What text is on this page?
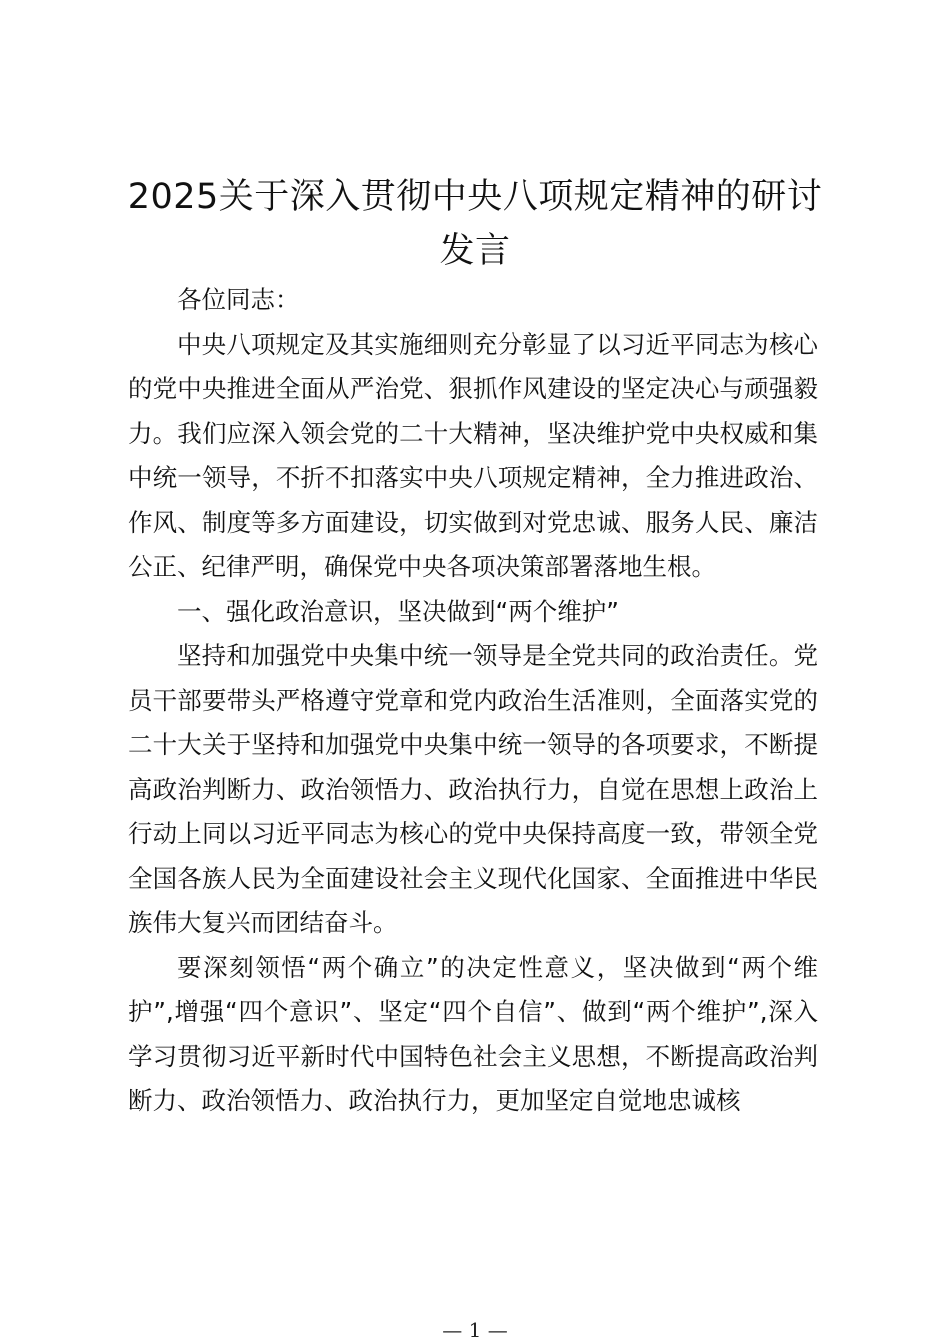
2025关于深入贯彻中央八项规定精神的研讨发言

各位同志：

中央八项规定及其实施细则充分彰显了以习近平同志为核心的党中央推进全面从严治党、狠抓作风建设的坚定决心与顽强毅力。我们应深入领会党的二十大精神，坚决维护党中央权威和集中统一领导，不折不扣落实中央八项规定精神，全力推进政治、作风、制度等多方面建设，切实做到对党忠诚、服务人民、廉洁公正、纪律严明，确保党中央各项决策部署落地生根。

一、强化政治意识，坚决做到“两个维护”

坚持和加强党中央集中统一领导是全党共同的政治责任。党员干部要带头严格遵守党章和党内政治生活准则，全面落实党的二十大关于坚持和加强党中央集中统一领导的各项要求，不断提高政治判断力、政治领悟力、政治执行力，自觉在思想上政治上行动上同以习近平同志为核心的党中央保持高度一致，带领全党全国各族人民为全面建设社会主义现代化国家、全面推进中华民族伟大复兴而团结奋斗。

要深刻领悟“两个确立”的决定性意义，坚决做到“两个维护”,增强“四个意识”、坚定“四个自信”、做到“两个维护”,深入学习贯彻习近平新时代中国特色社会主义思想，不断提高政治判断力、政治领悟力、政治执行力，更加坚定自觉地忠诚核

— 1 —
